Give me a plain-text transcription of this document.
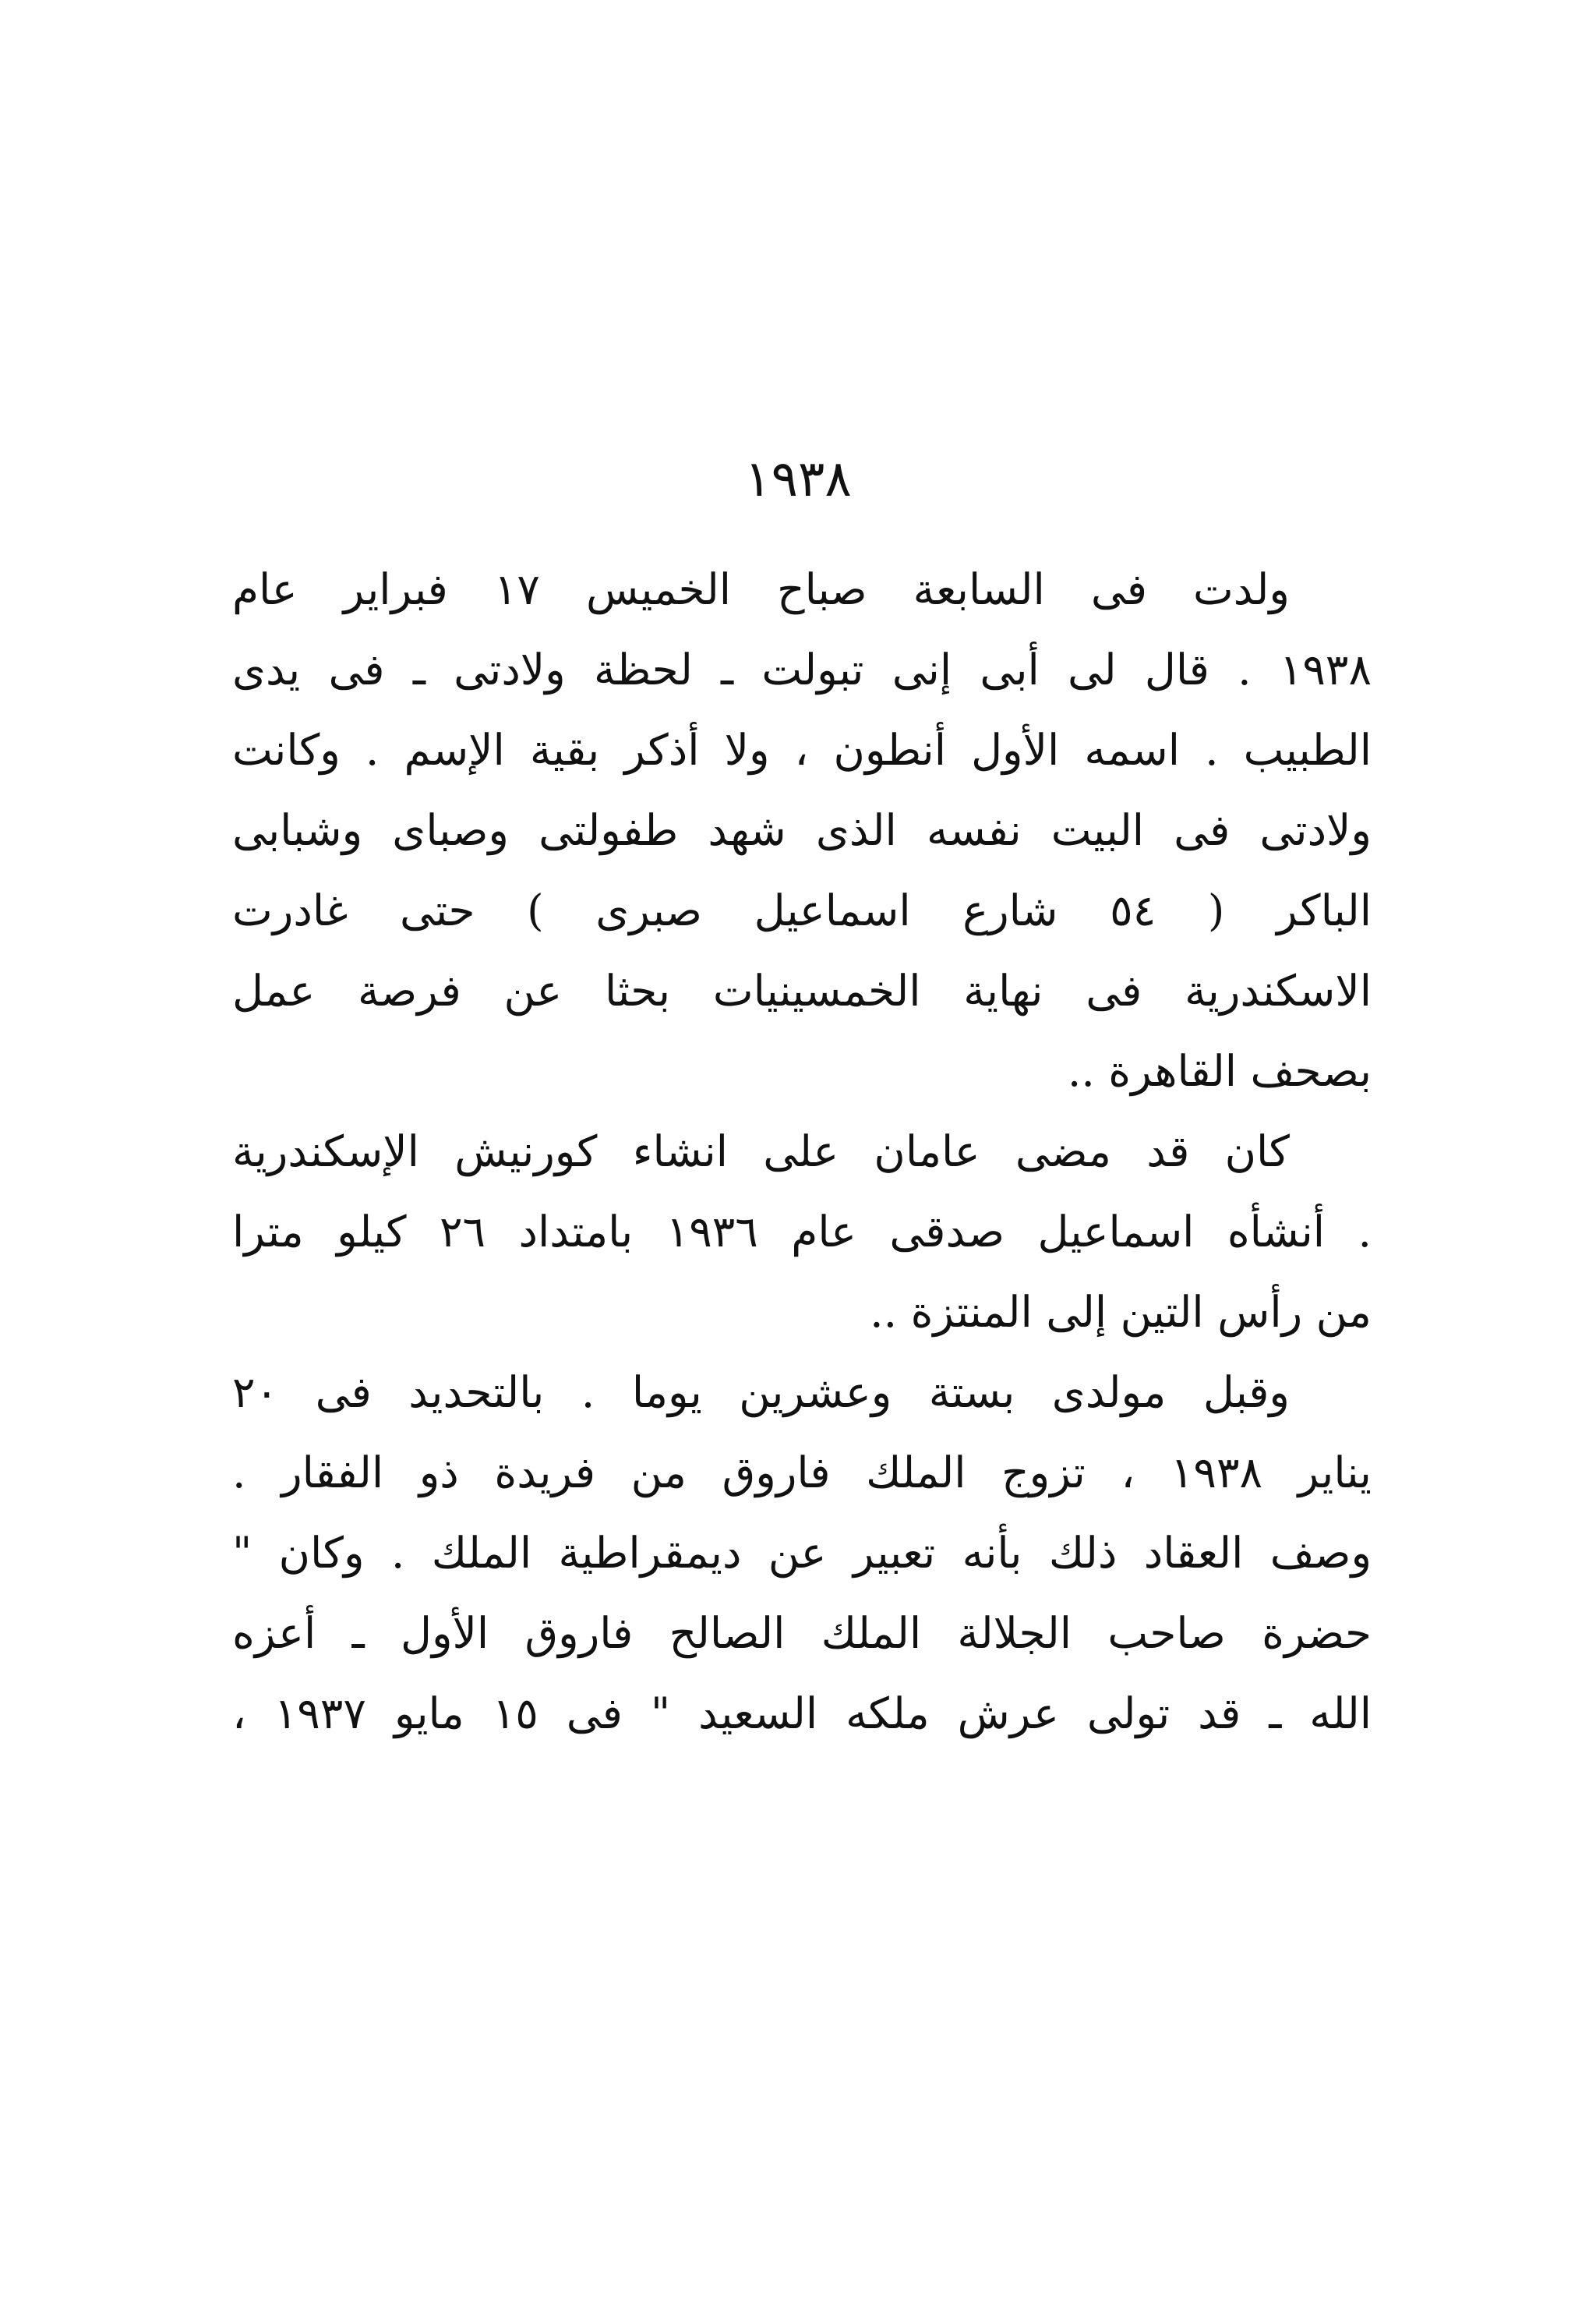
١٩٣٨
ولدت فى السابعة صباح الخميس ١٧ فبراير عام
١٩٣٨ . قال لى أبى إنى تبولت ـ لحظة ولادتى ـ فى يدى
الطبيب . اسمه الأول أنطون ، ولا أذكر بقية الإسم . وكانت
ولادتى فى البيت نفسه الذى شهد طفولتى وصباى وشبابى
الباكر ( ٥٤ شارع اسماعيل صبرى ) حتى غادرت
الاسكندرية فى نهاية الخمسينيات بحثا عن فرصة عمل
بصحف القاهرة ..
كان قد مضى عامان على انشاء كورنيش الإسكندرية
. أنشأه اسماعيل صدقى عام ١٩٣٦ بامتداد ٢٦ كيلو مترا
من رأس التين إلى المنتزة ..
وقبل مولدى بستة وعشرين يوما . بالتحديد فى ٢٠
يناير ١٩٣٨ ، تزوج الملك فاروق من فريدة ذو الفقار .
وصف العقاد ذلك بأنه تعبير عن ديمقراطية الملك . وكان "
حضرة صاحب الجلالة الملك الصالح فاروق الأول ـ أعزه
الله ـ قد تولى عرش ملكه السعيد " فى ١٥ مايو ١٩٣٧ ،
